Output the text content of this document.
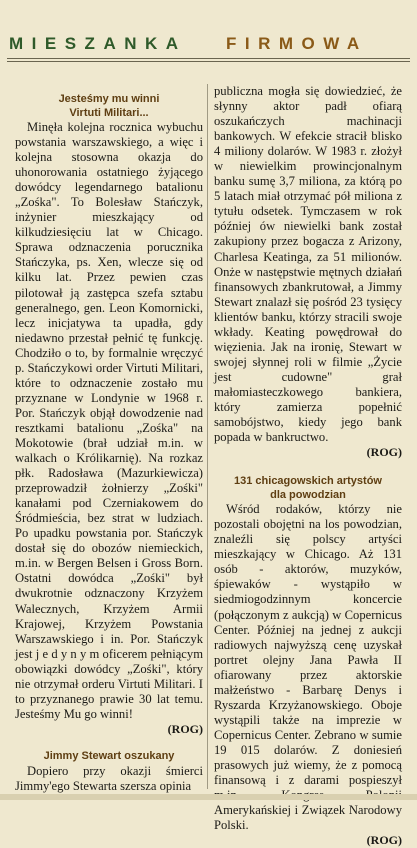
MIESZANKA FIRMOWA
Jesteśmy mu winni
Virtuti Militari...

Minęła kolejna rocznica wybuchu powstania warszawskiego, a więc i kolejna stosowna okazja do uhonorowania ostatniego żyjącego dowódcy legendarnego batalionu „Zośka". To Bolesław Stańczyk, inżynier mieszkający od kilkudziesięciu lat w Chicago. Sprawa odznaczenia porucznika Stańczyka, ps. Xen, wlecze się od kilku lat. Przez pewien czas pilotował ją zastępca szefa sztabu generalnego, gen. Leon Komornicki, lecz inicjatywa ta upadła, gdy niedawno przestał pełnić tę funkcję. Chodziło o to, by formalnie wręczyć p. Stańczykowi order Virtuti Militari, które to odznaczenie zostało mu przyznane w Londynie w 1968 r. Por. Stańczyk objął dowodzenie nad resztkami batalionu „Zośka" na Mokotowie (brał udział m.in. w walkach o Królikarnię). Na rozkaz płk. Radosława (Mazurkiewicza) przeprowadził żołnierzy „Zośki" kanałami pod Czerniakowem do Śródmieścia, bez strat w ludziach. Po upadku powstania por. Stańczyk dostał się do obozów niemieckich, m.in. w Bergen Belsen i Gross Born. Ostatni dowódca „Zośki" był dwukrotnie odznaczony Krzyżem Walecznych, Krzyżem Armii Krajowej, Krzyżem Powstania Warszawskiego i in. Por. Stańczyk jest j e d y n y m oficerem pełniącym obowiązki dowódcy „Zośki", który nie otrzymał orderu Virtuti Militari. I to przyznanego prawie 30 lat temu. Jesteśmy Mu go winni!

(ROG)
Jimmy Stewart oszukany

Dopiero przy okazji śmierci Jimmy'ego Stewarta szersza opinia

publiczna mogła się dowiedzieć, że słynny aktor padł ofiarą oszukańczych machinacji bankowych. W efekcie stracił blisko 4 miliony dolarów. W 1983 r. złożył w niewielkim prowincjonalnym banku sumę 3,7 miliona, za którą po 5 latach miał otrzymać pół miliona z tytułu odsetek. Tymczasem w rok później ów niewielki bank został zakupiony przez bogacza z Arizony, Charlesa Keatinga, za 51 milionów. Onże w następstwie mętnych działań finansowych zbankrutował, a Jimmy Stewart znalazł się pośród 23 tysięcy klientów banku, którzy stracili swoje wkłady. Keating powędrował do więzienia. Jak na ironię, Stewart w swojej słynnej roli w filmie „Życie jest cudowne" grał małomiasteczkowego bankiera, który zamierza popełnić samobójstwo, kiedy jego bank popada w bankructwo.

(ROG)
131 chicagowskich artystów
dla powodzian

Wśród rodaków, którzy nie pozostali obojętni na los powodzian, znaleźli się polscy artyści mieszkający w Chicago. Aż 131 osób - aktorów, muzyków, śpiewaków - wystąpiło w siedmiogodzinnym koncercie (połączonym z aukcją) w Copernicus Center. Później na jednej z aukcji radiowych najwyższą cenę uzyskał portret olejny Jana Pawła II ofiarowany przez aktorskie małżeństwo - Barbarę Denys i Ryszarda Krzyżanowskiego. Oboje wystąpili także na imprezie w Copernicus Center. Zebrano w sumie 19 015 dolarów. Z doniesień prasowych już wiemy, że z pomocą finansową i z darami pospieszył Amerykańskiej i Związek Narodowy Polski.

(ROG)
